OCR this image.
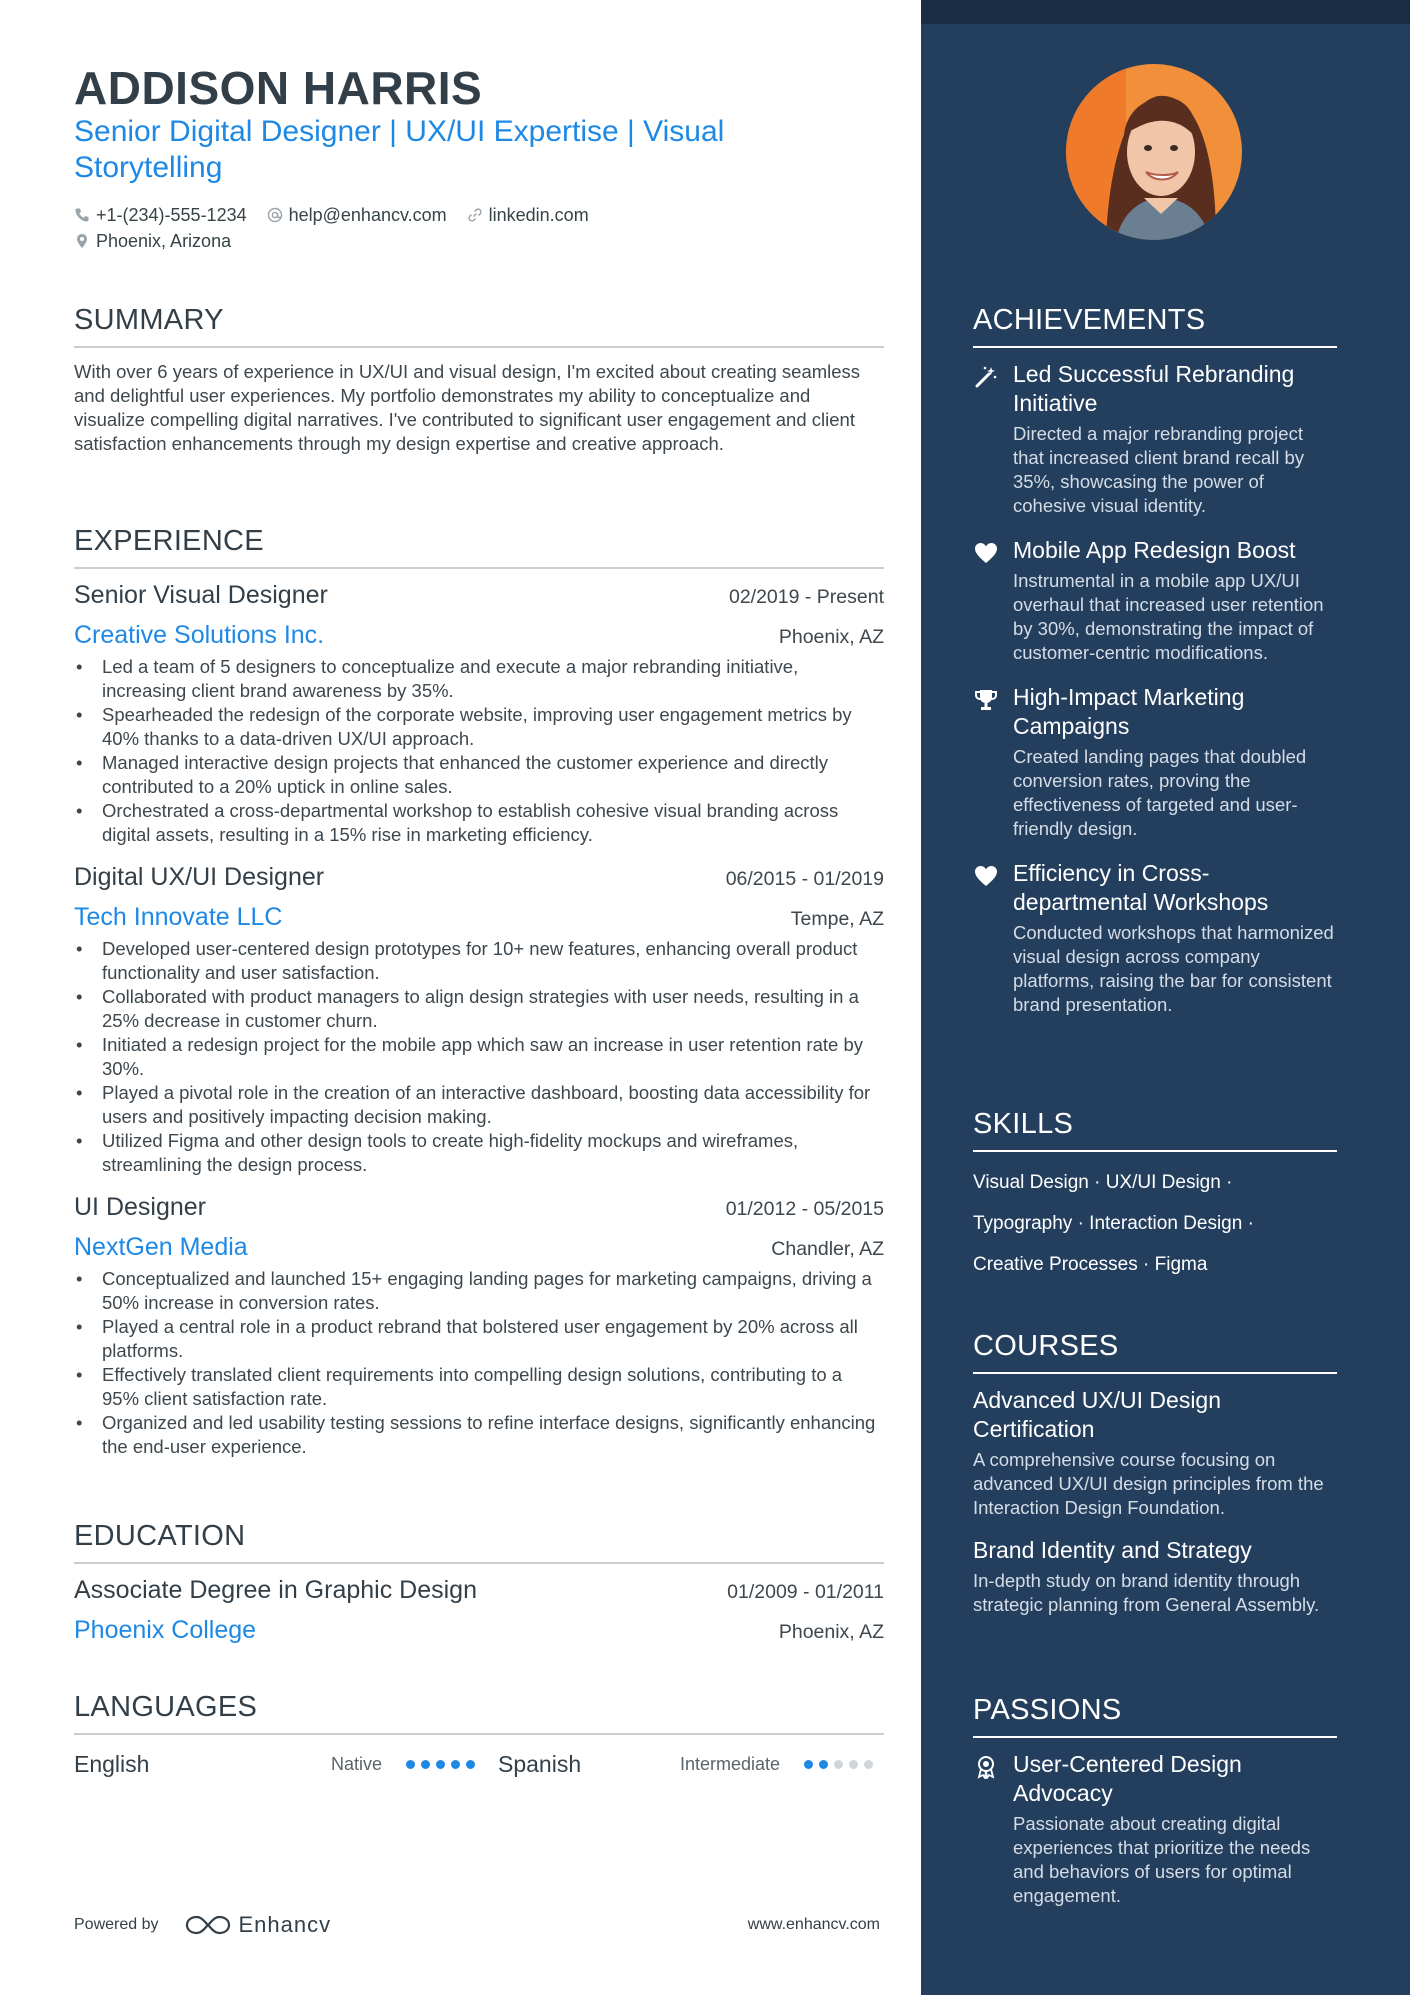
ADDISON HARRIS
Senior Digital Designer | UX/UI Expertise | Visual Storytelling
+1-(234)-555-1234 help@enhancv.com linkedin.com
Phoenix, Arizona
SUMMARY
With over 6 years of experience in UX/UI and visual design, I'm excited about creating seamless and delightful user experiences. My portfolio demonstrates my ability to conceptualize and visualize compelling digital narratives. I've contributed to significant user engagement and client satisfaction enhancements through my design expertise and creative approach.
EXPERIENCE
Senior Visual Designer	02/2019 - Present
Creative Solutions Inc.	Phoenix, AZ
• Led a team of 5 designers to conceptualize and execute a major rebranding initiative, increasing client brand awareness by 35%.
• Spearheaded the redesign of the corporate website, improving user engagement metrics by 40% thanks to a data-driven UX/UI approach.
• Managed interactive design projects that enhanced the customer experience and directly contributed to a 20% uptick in online sales.
• Orchestrated a cross-departmental workshop to establish cohesive visual branding across digital assets, resulting in a 15% rise in marketing efficiency.
Digital UX/UI Designer	06/2015 - 01/2019
Tech Innovate LLC	Tempe, AZ
• Developed user-centered design prototypes for 10+ new features, enhancing overall product functionality and user satisfaction.
• Collaborated with product managers to align design strategies with user needs, resulting in a 25% decrease in customer churn.
• Initiated a redesign project for the mobile app which saw an increase in user retention rate by 30%.
• Played a pivotal role in the creation of an interactive dashboard, boosting data accessibility for users and positively impacting decision making.
• Utilized Figma and other design tools to create high-fidelity mockups and wireframes, streamlining the design process.
UI Designer	01/2012 - 05/2015
NextGen Media	Chandler, AZ
• Conceptualized and launched 15+ engaging landing pages for marketing campaigns, driving a 50% increase in conversion rates.
• Played a central role in a product rebrand that bolstered user engagement by 20% across all platforms.
• Effectively translated client requirements into compelling design solutions, contributing to a 95% client satisfaction rate.
• Organized and led usability testing sessions to refine interface designs, significantly enhancing the end-user experience.
EDUCATION
Associate Degree in Graphic Design	01/2009 - 01/2011
Phoenix College	Phoenix, AZ
LANGUAGES
English	Native	Spanish	Intermediate
Powered by	Enhancv	www.enhancv.com
ACHIEVEMENTS
Led Successful Rebranding Initiative
Directed a major rebranding project that increased client brand recall by 35%, showcasing the power of cohesive visual identity.
Mobile App Redesign Boost
Instrumental in a mobile app UX/UI overhaul that increased user retention by 30%, demonstrating the impact of customer-centric modifications.
High-Impact Marketing Campaigns
Created landing pages that doubled conversion rates, proving the effectiveness of targeted and user-friendly design.
Efficiency in Cross-departmental Workshops
Conducted workshops that harmonized visual design across company platforms, raising the bar for consistent brand presentation.
SKILLS
Visual Design · UX/UI Design ·
Typography · Interaction Design ·
Creative Processes · Figma
COURSES
Advanced UX/UI Design Certification
A comprehensive course focusing on advanced UX/UI design principles from the Interaction Design Foundation.
Brand Identity and Strategy
In-depth study on brand identity through strategic planning from General Assembly.
PASSIONS
User-Centered Design Advocacy
Passionate about creating digital experiences that prioritize the needs and behaviors of users for optimal engagement.
